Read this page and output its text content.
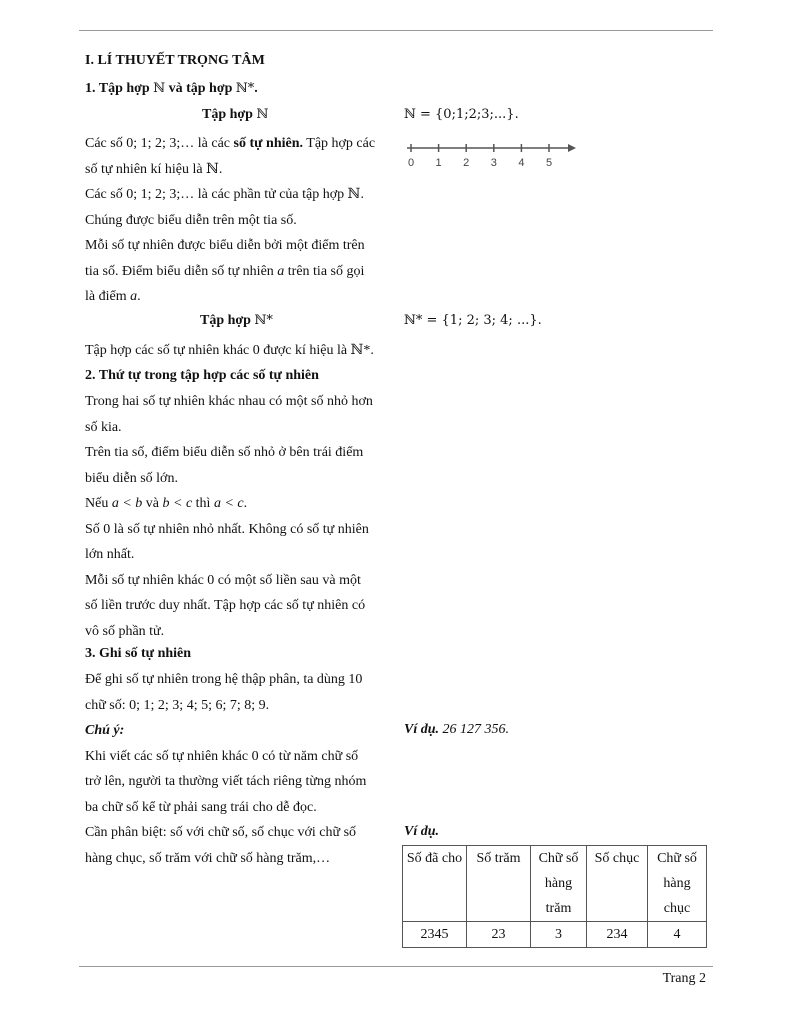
I. LÍ THUYẾT TRỌNG TÂM
1. Tập hợp ℕ và tập hợp ℕ*.
Tập hợp ℕ	ℕ = {0;1;2;3;...}.
0 1 2 3 4 5
Các số 0; 1; 2; 3;… là các số tự nhiên. Tập hợp các
số tự nhiên kí hiệu là ℕ.
Các số 0; 1; 2; 3;… là các phần tử của tập hợp ℕ.
Chúng được biểu diễn trên một tia số.
Mỗi số tự nhiên được biểu diễn bởi một điểm trên
tia số. Điểm biểu diễn số tự nhiên a trên tia số gọi
là điểm a.
Tập hợp ℕ*	ℕ* = {1; 2; 3; 4; ...}.
Tập hợp các số tự nhiên khác 0 được kí hiệu là ℕ*.
2. Thứ tự trong tập hợp các số tự nhiên
Trong hai số tự nhiên khác nhau có một số nhỏ hơn
số kia.
Trên tia số, điểm biểu diễn số nhỏ ở bên trái điểm
biểu diễn số lớn.
Nếu a < b và b < c thì a < c.
Số 0 là số tự nhiên nhỏ nhất. Không có số tự nhiên
lớn nhất.
Mỗi số tự nhiên khác 0 có một số liền sau và một
số liền trước duy nhất. Tập hợp các số tự nhiên có
vô số phần tử.
3. Ghi số tự nhiên
Để ghi số tự nhiên trong hệ thập phân, ta dùng 10
chữ số: 0; 1; 2; 3; 4; 5; 6; 7; 8; 9.
Chú ý:
Khi viết các số tự nhiên khác 0 có từ năm chữ số
trở lên, người ta thường viết tách riêng từng nhóm
ba chữ số kể từ phải sang trái cho dễ đọc.
Cần phân biệt: số với chữ số, số chục với chữ số
hàng chục, số trăm với chữ số hàng trăm,…
Ví dụ. 26 127 356.
Ví dụ.
Số đã cho	Số trăm	Chữ số hàng trăm	Số chục	Chữ số hàng chục
2345	23	3	234	4
Trang 2
